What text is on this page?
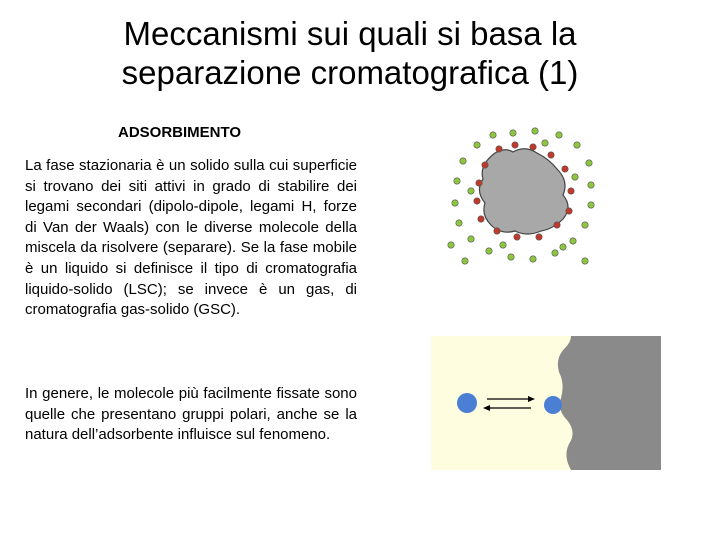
Meccanismi sui quali si basa la
separazione cromatografica (1)
ADSORBIMENTO

La fase stazionaria è un solido sulla cui superficie si trovano dei siti attivi in grado di stabilire dei legami secondari (dipolo-dipole, legami H, forze di Van der Waals) con le diverse molecole della miscela da risolvere (separare). Se la fase mobile è un liquido si definisce il tipo di cromatografia liquido-solido (LSC); se invece è un gas, di cromatografia gas-solido (GSC).

In genere, le molecole più facilmente fissate sono quelle che presentano gruppi polari, anche se la natura dell’adsorbente influisce sul fenomeno.
